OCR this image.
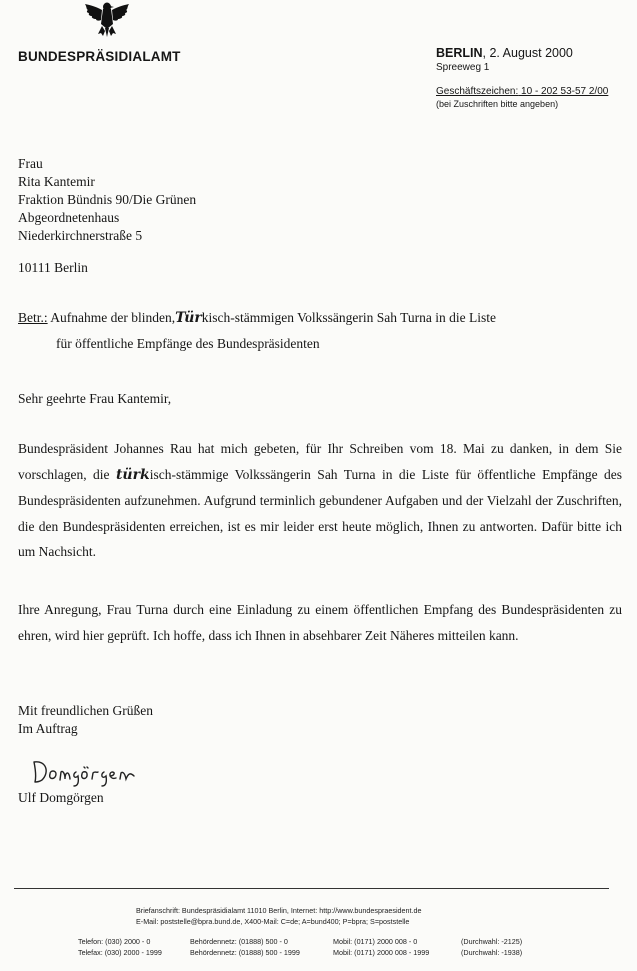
BUNDESPRÄSIDIALAMT	BERLIN, 2. August 2000
Spreeweg 1
Geschäftszeichen: 10 - 202 53-57 2/00
(bei Zuschriften bitte angeben)
Frau
Rita Kantemir
Fraktion Bündnis 90/Die Grünen
Abgeordnetenhaus
Niederkirchnerstraße 5
10111 Berlin
Betr.: Aufnahme der blinden,Türkisch-stämmigen Volkssängerin Sah Turna in die Liste
für öffentliche Empfänge des Bundespräsidenten
Sehr geehrte Frau Kantemir,
Bundespräsident Johannes Rau hat mich gebeten, für Ihr Schreiben vom 18. Mai zu danken, in dem Sie vorschlagen, die türkisch-stämmige Volkssängerin Sah Turna in die Liste für öffentliche Empfänge des Bundespräsidenten aufzunehmen. Aufgrund terminlich gebundener Aufgaben und der Vielzahl der Zuschriften, die den Bundespräsidenten erreichen, ist es mir leider erst heute möglich, Ihnen zu antworten. Dafür bitte ich um Nachsicht.
Ihre Anregung, Frau Turna durch eine Einladung zu einem öffentlichen Empfang des Bundespräsidenten zu ehren, wird hier geprüft. Ich hoffe, dass ich Ihnen in absehbarer Zeit Näheres mitteilen kann.
Mit freundlichen Grüßen
Im Auftrag
Ulf Domgörgen
Briefanschrift: Bundespräsidialamt 11010 Berlin, Internet: http://www.bundespraesident.de
E-Mail: poststelle@bpra.bund.de, X400-Mail: C=de; A=bund400; P=bpra; S=poststelle
Telefon: (030) 2000 - 0	Behördennetz: (01888) 500 - 0	Mobil: (0171) 2000 008 - 0	(Durchwahl: -2125)
Telefax: (030) 2000 - 1999	Behördennetz: (01888) 500 - 1999	Mobil: (0171) 2000 008 - 1999	(Durchwahl: -1938)
